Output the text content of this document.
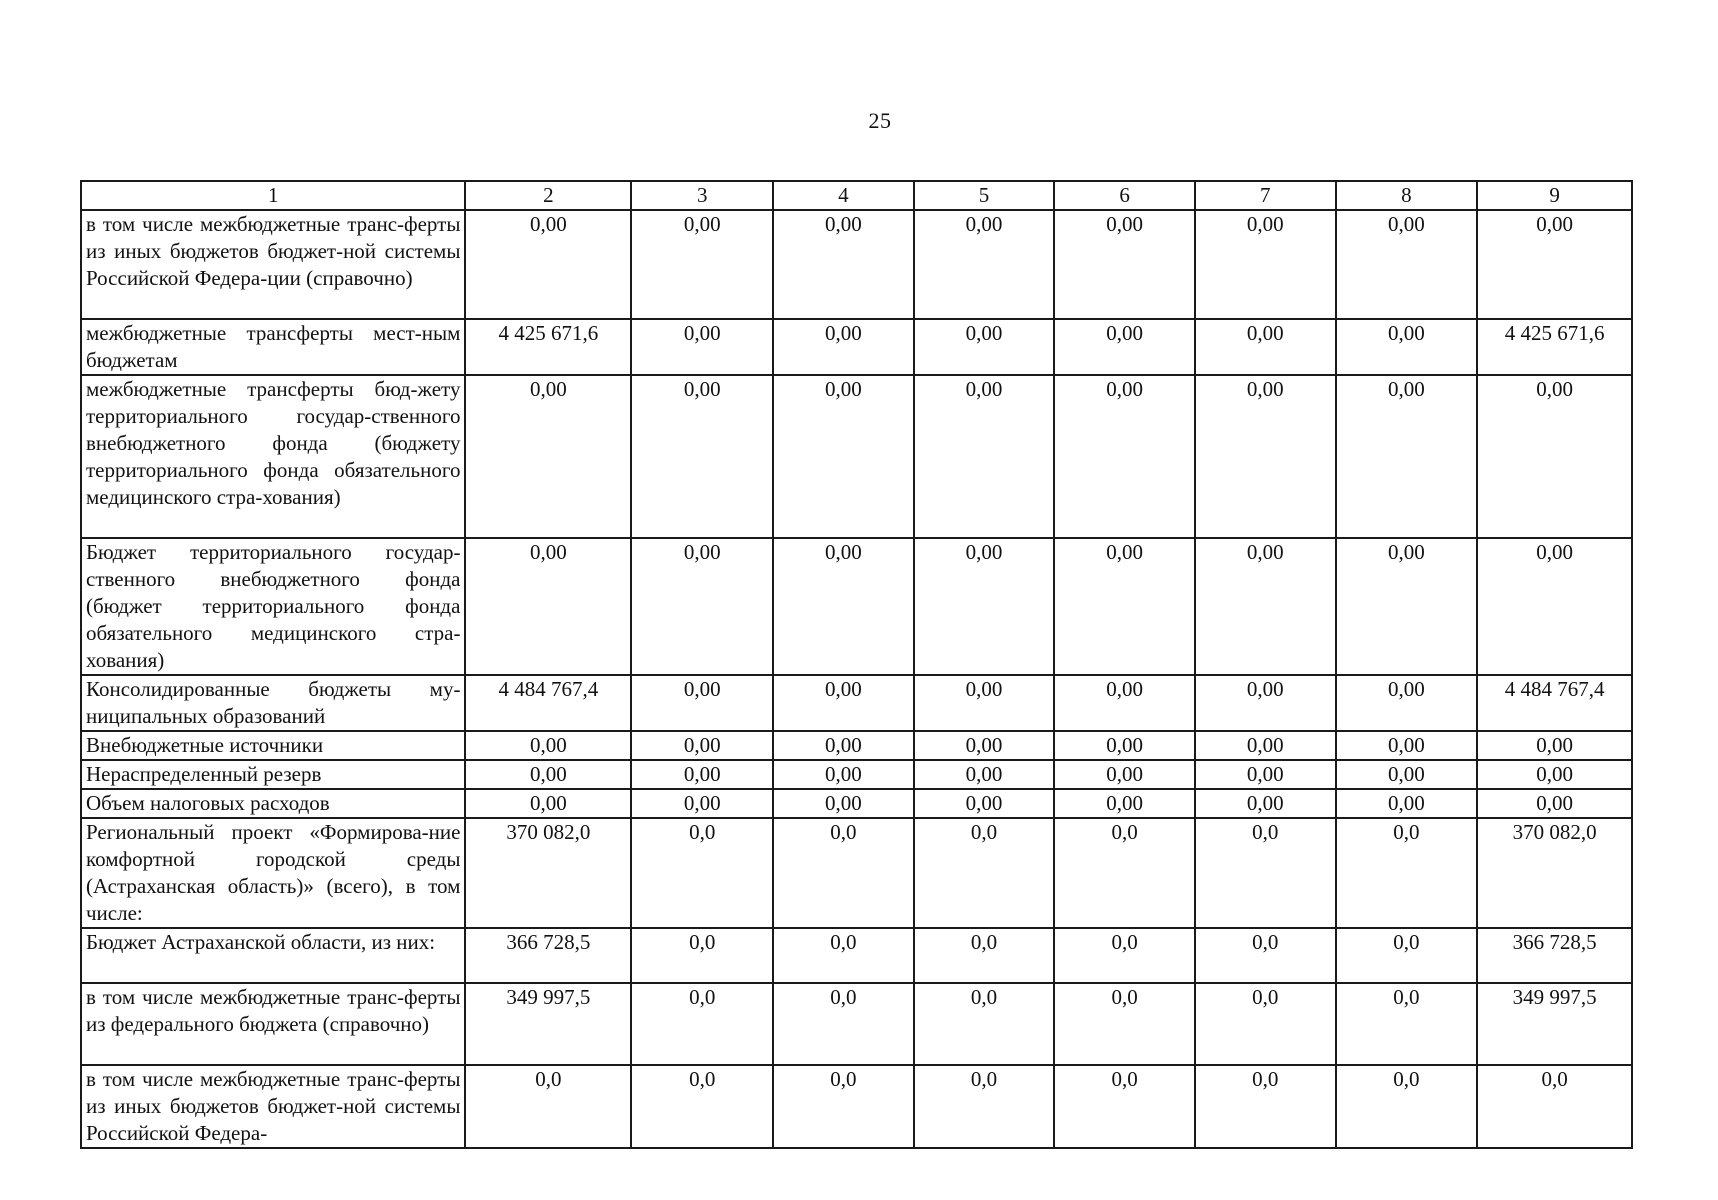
25
1	2	3	4	5	6	7	8	9
в том числе межбюджетные транс-ферты из иных бюджетов бюджет-ной системы Российской Федера-ции (справочно)	0,00	0,00	0,00	0,00	0,00	0,00	0,00	0,00
межбюджетные трансферты мест-ным бюджетам	4 425 671,6	0,00	0,00	0,00	0,00	0,00	0,00	4 425 671,6
межбюджетные трансферты бюд-жету территориального государ-ственного внебюджетного фонда (бюджету территориального фонда обязательного медицинского стра-хования)	0,00	0,00	0,00	0,00	0,00	0,00	0,00	0,00
Бюджет территориального государ-ственного внебюджетного фонда (бюджет территориального фонда обязательного медицинского стра-хования)	0,00	0,00	0,00	0,00	0,00	0,00	0,00	0,00
Консолидированные бюджеты му-ниципальных образований	4 484 767,4	0,00	0,00	0,00	0,00	0,00	0,00	4 484 767,4
Внебюджетные источники	0,00	0,00	0,00	0,00	0,00	0,00	0,00	0,00
Нераспределенный резерв	0,00	0,00	0,00	0,00	0,00	0,00	0,00	0,00
Объем налоговых расходов	0,00	0,00	0,00	0,00	0,00	0,00	0,00	0,00
Региональный проект «Формирова-ние комфортной городской среды (Астраханская область)» (всего), в том числе:	370 082,0	0,0	0,0	0,0	0,0	0,0	0,0	370 082,0
Бюджет Астраханской области, из них:	366 728,5	0,0	0,0	0,0	0,0	0,0	0,0	366 728,5
в том числе межбюджетные транс-ферты из федерального бюджета (справочно)	349 997,5	0,0	0,0	0,0	0,0	0,0	0,0	349 997,5
в том числе межбюджетные транс-ферты из иных бюджетов бюджет-ной системы Российской Федера-	0,0	0,0	0,0	0,0	0,0	0,0	0,0	0,0
